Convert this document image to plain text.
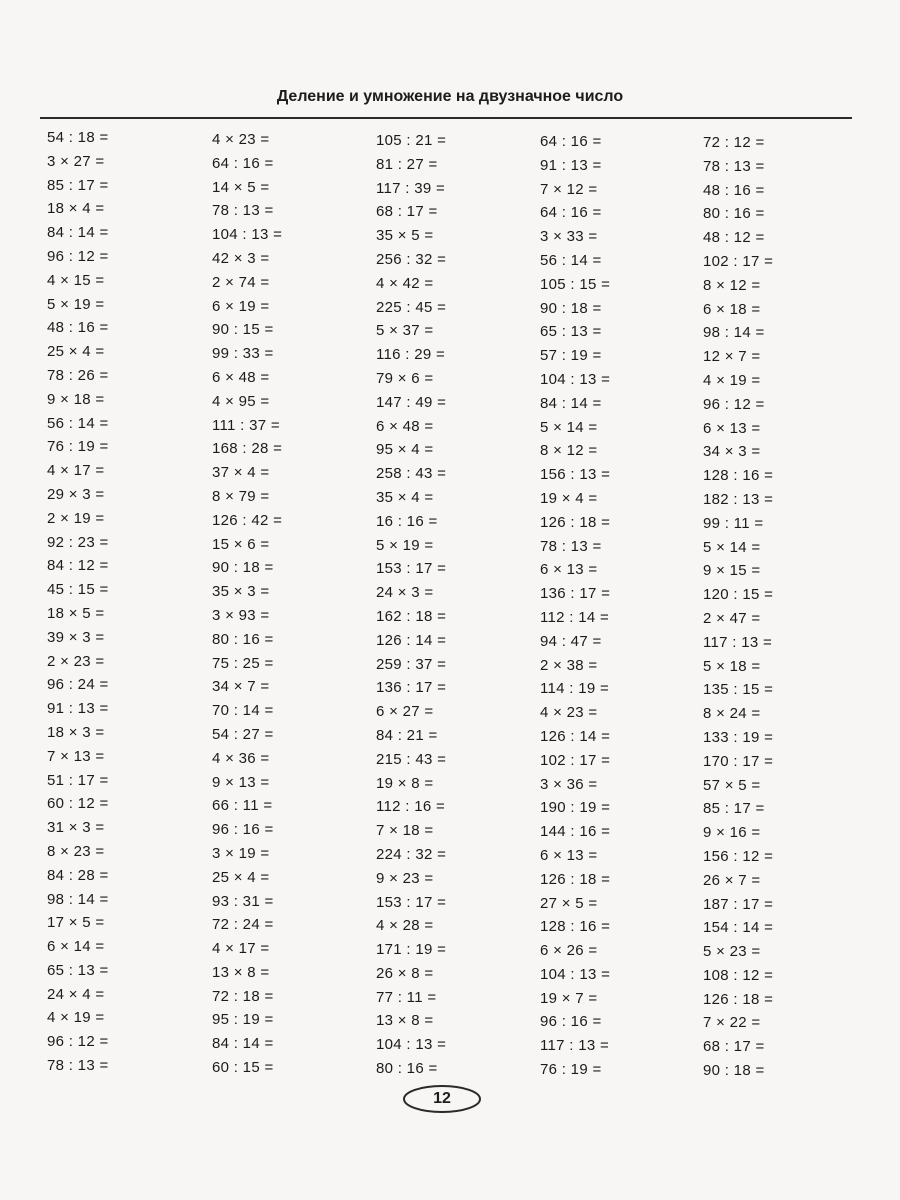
Деление и умножение на двузначное число
54 : 18 =
3 × 27 =
85 : 17 =
18 × 4 =
84 : 14 =
96 : 12 =
4 × 15 =
5 × 19 =
48 : 16 =
25 × 4 =
78 : 26 =
9 × 18 =
56 : 14 =
76 : 19 =
4 × 17 =
29 × 3 =
2 × 19 =
92 : 23 =
84 : 12 =
45 : 15 =
18 × 5 =
39 × 3 =
2 × 23 =
96 : 24 =
91 : 13 =
18 × 3 =
7 × 13 =
51 : 17 =
60 : 12 =
31 × 3 =
8 × 23 =
84 : 28 =
98 : 14 =
17 × 5 =
6 × 14 =
65 : 13 =
24 × 4 =
4 × 19 =
96 : 12 =
78 : 13 =
4 × 23 =
64 : 16 =
14 × 5 =
78 : 13 =
104 : 13 =
42 × 3 =
2 × 74 =
6 × 19 =
90 : 15 =
99 : 33 =
6 × 48 =
4 × 95 =
111 : 37 =
168 : 28 =
37 × 4 =
8 × 79 =
126 : 42 =
15 × 6 =
90 : 18 =
35 × 3 =
3 × 93 =
80 : 16 =
75 : 25 =
34 × 7 =
70 : 14 =
54 : 27 =
4 × 36 =
9 × 13 =
66 : 11 =
96 : 16 =
3 × 19 =
25 × 4 =
93 : 31 =
72 : 24 =
4 × 17 =
13 × 8 =
72 : 18 =
95 : 19 =
84 : 14 =
60 : 15 =
105 : 21 =
81 : 27 =
117 : 39 =
68 : 17 =
35 × 5 =
256 : 32 =
4 × 42 =
225 : 45 =
5 × 37 =
116 : 29 =
79 × 6 =
147 : 49 =
6 × 48 =
95 × 4 =
258 : 43 =
35 × 4 =
16 : 16 =
5 × 19 =
153 : 17 =
24 × 3 =
162 : 18 =
126 : 14 =
259 : 37 =
136 : 17 =
6 × 27 =
84 : 21 =
215 : 43 =
19 × 8 =
112 : 16 =
7 × 18 =
224 : 32 =
9 × 23 =
153 : 17 =
4 × 28 =
171 : 19 =
26 × 8 =
77 : 11 =
13 × 8 =
104 : 13 =
80 : 16 =
64 : 16 =
91 : 13 =
7 × 12 =
64 : 16 =
3 × 33 =
56 : 14 =
105 : 15 =
90 : 18 =
65 : 13 =
57 : 19 =
104 : 13 =
84 : 14 =
5 × 14 =
8 × 12 =
156 : 13 =
19 × 4 =
126 : 18 =
78 : 13 =
6 × 13 =
136 : 17 =
112 : 14 =
94 : 47 =
2 × 38 =
114 : 19 =
4 × 23 =
126 : 14 =
102 : 17 =
3 × 36 =
190 : 19 =
144 : 16 =
6 × 13 =
126 : 18 =
27 × 5 =
128 : 16 =
6 × 26 =
104 : 13 =
19 × 7 =
96 : 16 =
117 : 13 =
76 : 19 =
72 : 12 =
78 : 13 =
48 : 16 =
80 : 16 =
48 : 12 =
102 : 17 =
8 × 12 =
6 × 18 =
98 : 14 =
12 × 7 =
4 × 19 =
96 : 12 =
6 × 13 =
34 × 3 =
128 : 16 =
182 : 13 =
99 : 11 =
5 × 14 =
9 × 15 =
120 : 15 =
2 × 47 =
117 : 13 =
5 × 18 =
135 : 15 =
8 × 24 =
133 : 19 =
170 : 17 =
57 × 5 =
85 : 17 =
9 × 16 =
156 : 12 =
26 × 7 =
187 : 17 =
154 : 14 =
5 × 23 =
108 : 12 =
126 : 18 =
7 × 22 =
68 : 17 =
90 : 18 =
12
